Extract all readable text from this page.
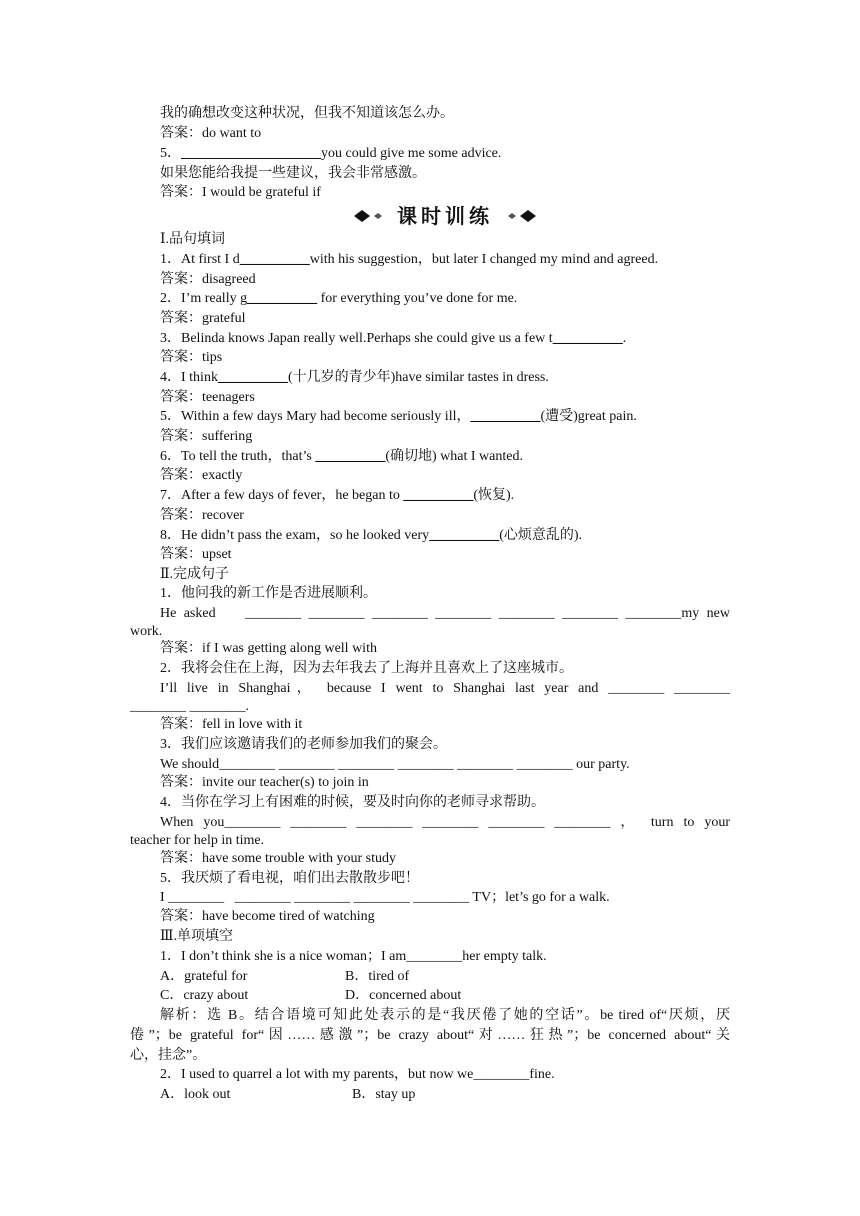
我的确想改变这种状况，但我不知道该怎么办。
答案：do want to
5．	you could give me some advice.
如果您能给我提一些建议，我会非常感激。
答案：I would be grateful if
课时训练
Ⅰ.品句填词
1．At first I d__________with his suggestion，but later I changed my mind and agreed.
答案：disagreed
2．I’m really g__________ for everything you’ve done for me.
答案：grateful
3．Belinda knows Japan really well.Perhaps she could give us a few t__________.
答案：tips
4．I think__________(十几岁的青少年)have similar tastes in dress.
答案：teenagers
5．Within a few days Mary had become seriously ill，__________(遭受)great pain.
答案：suffering
6．To tell the truth，that’s __________(确切地) what I wanted.
答案：exactly
7．After a few days of fever，he began to __________(恢复).
答案：recover
8．He didn’t pass the exam，so he looked very__________(心烦意乱的).
答案：upset
Ⅱ.完成句子
1．他问我的新工作是否进展顺利。
He asked    ________ ________ ________ ________ ________ ________ ________my new
work.
答案：if I was getting along well with
2．我将会住在上海，因为去年我去了上海并且喜欢上了这座城市。
I’ll live in Shanghai， because I went to Shanghai last year and ________ ________
________ ________.
答案：fell in love with it
3．我们应该邀请我们的老师参加我们的聚会。
We should________ ________ ________ ________ ________ ________ our party.
答案：invite our teacher(s) to join in
4．当你在学习上有困难的时候，要及时向你的老师寻求帮助。
When you________ ________ ________ ________ ________ ________ ， turn to your
teacher for help in time.
答案：have some trouble with your study
5．我厌烦了看电视，咱们出去散散步吧！
I ________   ________ ________ ________ ________ TV；let’s go for a walk.
答案：have become tired of watching
Ⅲ.单项填空
1．I don’t think she is a nice woman；I am________her empty talk.
A．grateful for	B．tired of
C．crazy about	D．concerned about
解析：选 B。结合语境可知此处表示的是“我厌倦了她的空话”。be tired of“厌烦，厌
倦”；be grateful for“因……感激”；be crazy about“对……狂热”；be concerned about“关
心，挂念”。
2．I used to quarrel a lot with my parents，but now we________fine.
A．look out	B．stay up
